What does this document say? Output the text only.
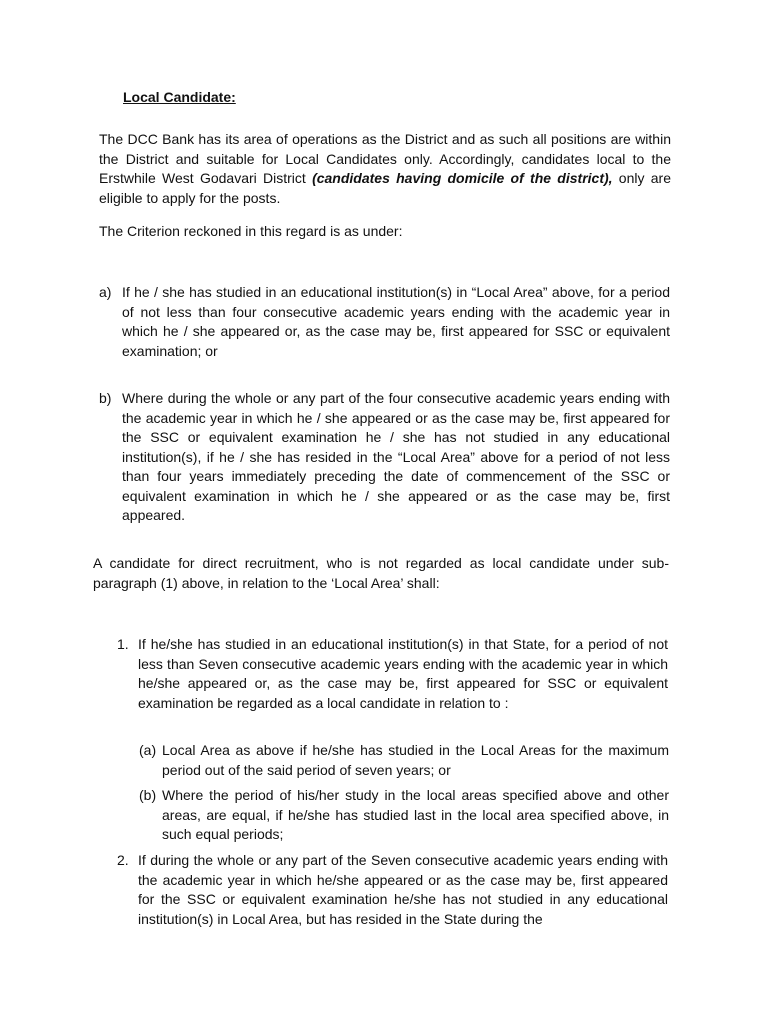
Local Candidate:

The DCC Bank has its area of operations as the District and as such all positions are within the District and suitable for Local Candidates only. Accordingly, candidates local to the Erstwhile West Godavari District (candidates having domicile of the district), only are eligible to apply for the posts.

The Criterion reckoned in this regard is as under:

a) If he / she has studied in an educational institution(s) in “Local Area” above, for a period of not less than four consecutive academic years ending with the academic year in which he / she appeared or, as the case may be, first appeared for SSC or equivalent examination; or

b) Where during the whole or any part of the four consecutive academic years ending with the academic year in which he / she appeared or as the case may be, first appeared for the SSC or equivalent examination he / she has not studied in any educational institution(s), if he / she has resided in the “Local Area” above for a period of not less than four years immediately preceding the date of commencement of the SSC or equivalent examination in which he / she appeared or as the case may be, first appeared.

A candidate for direct recruitment, who is not regarded as local candidate under sub-paragraph (1) above, in relation to the ‘Local Area’ shall:

1. If he/she has studied in an educational institution(s) in that State, for a period of not less than Seven consecutive academic years ending with the academic year in which he/she appeared or, as the case may be, first appeared for SSC or equivalent examination be regarded as a local candidate in relation to :

(a) Local Area as above if he/she has studied in the Local Areas for the maximum period out of the said period of seven years; or

(b) Where the period of his/her study in the local areas specified above and other areas, are equal, if he/she has studied last in the local area specified above, in such equal periods;

2. If during the whole or any part of the Seven consecutive academic years ending with the academic year in which he/she appeared or as the case may be, first appeared for the SSC or equivalent examination he/she has not studied in any educational institution(s) in Local Area, but has resided in the State during the
